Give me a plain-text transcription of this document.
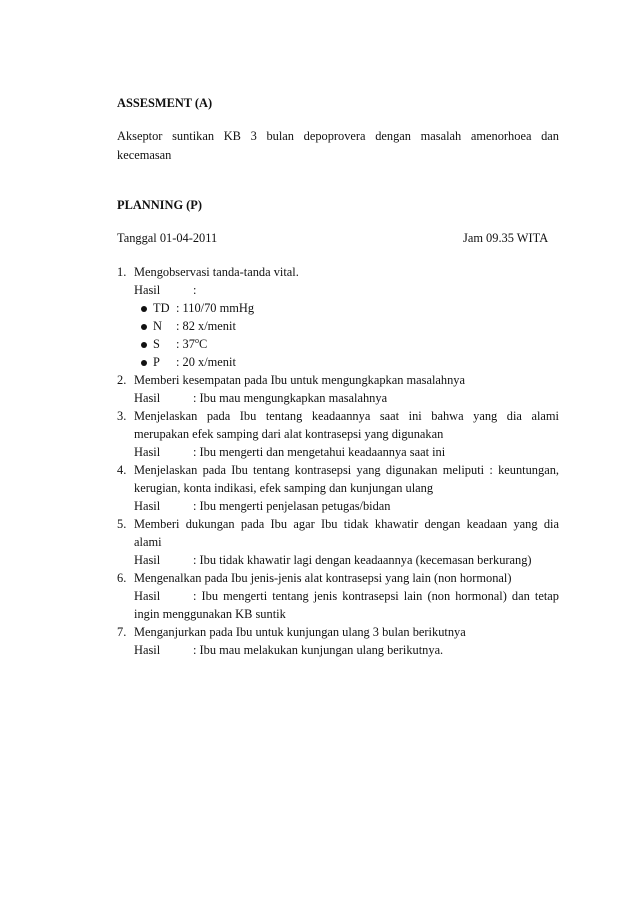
ASSESMENT (A)
Akseptor suntikan KB 3 bulan depoprovera dengan masalah amenorhoea dan
kecemasan
PLANNING (P)
Tanggal 01-04-2011	Jam 09.35 WITA
1. Mengobservasi tanda-tanda vital.
Hasil	:
TD : 110/70 mmHg
N : 82 x/menit
S : 37$^o$C
P : 20 x/menit
2. Memberi kesempatan pada Ibu untuk mengungkapkan masalahnya
Hasil	: Ibu mau mengungkapkan masalahnya
3. Menjelaskan pada Ibu tentang keadaannya saat ini bahwa yang dia alami
merupakan efek samping dari alat kontrasepsi yang digunakan
Hasil	: Ibu mengerti dan mengetahui keadaannya saat ini
4. Menjelaskan pada Ibu tentang kontrasepsi yang digunakan meliputi : keuntungan,
kerugian, konta indikasi, efek samping dan kunjungan ulang
Hasil	: Ibu mengerti penjelasan petugas/bidan
5. Memberi dukungan pada Ibu agar Ibu tidak khawatir dengan keadaan yang dia
alami
Hasil	: Ibu tidak khawatir lagi dengan keadaannya (kecemasan berkurang)
6. Mengenalkan pada Ibu jenis-jenis alat kontrasepsi yang lain (non hormonal)
Hasil	: Ibu mengerti tentang jenis kontrasepsi lain (non hormonal) dan tetap
ingin menggunakan KB suntik
7. Menganjurkan pada Ibu untuk kunjungan ulang 3 bulan berikutnya
Hasil	: Ibu mau melakukan kunjungan ulang berikutnya.
